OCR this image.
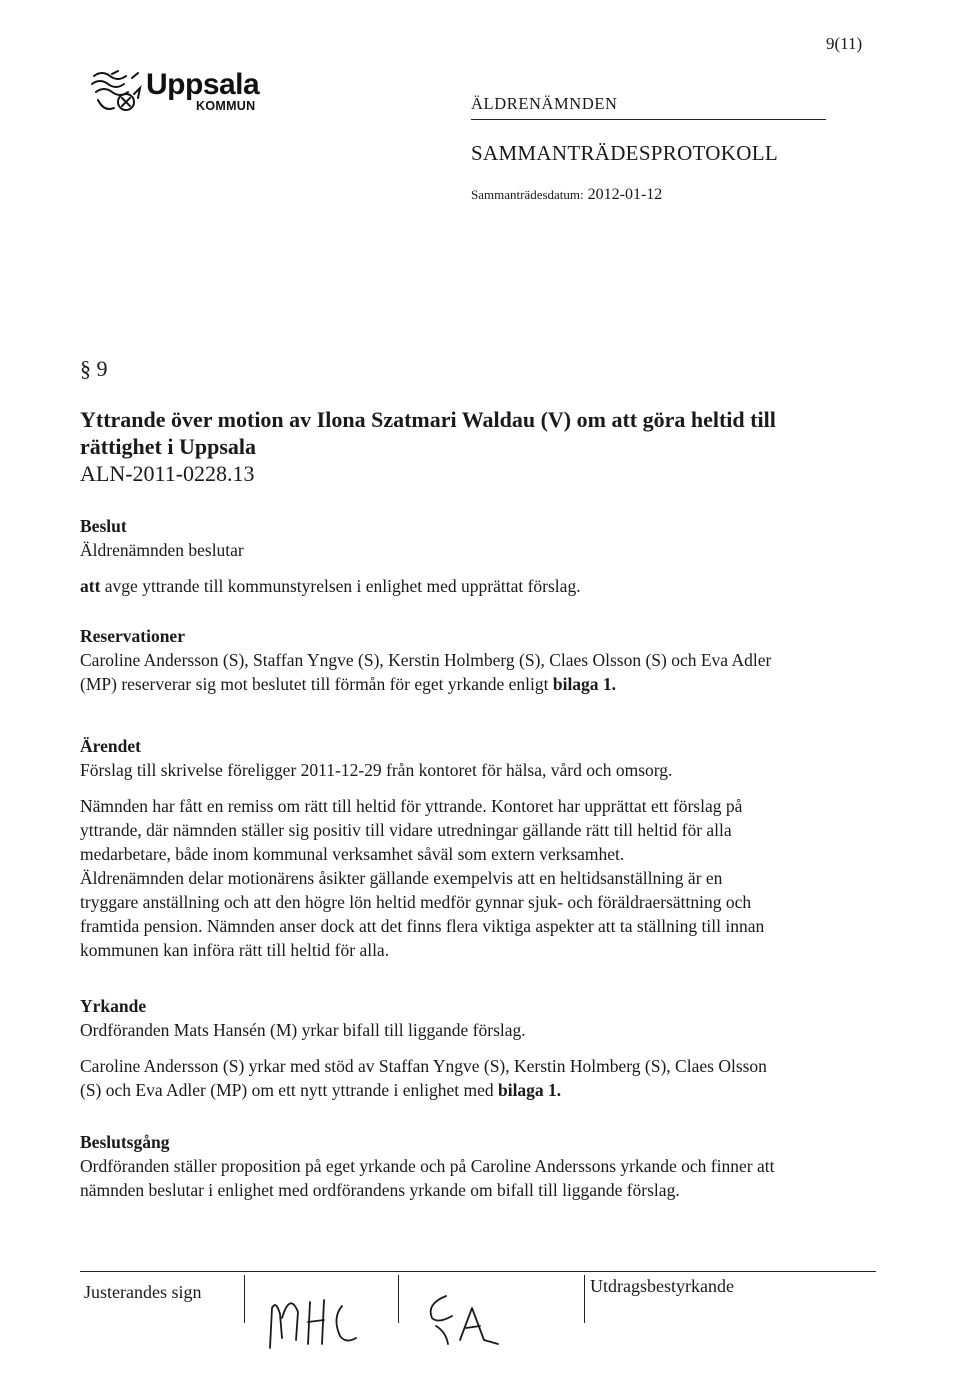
9(11)
Uppsala
KOMMUN	ÄLDRENÄMNDEN
SAMMANTRÄDESPROTOKOLL
Sammanträdesdatum: 2012-01-12
§ 9
Yttrande över motion av Ilona Szatmari Waldau (V) om att göra heltid till
rättighet i Uppsala
ALN-2011-0228.13
Beslut
Äldrenämnden beslutar
att avge yttrande till kommunstyrelsen i enlighet med upprättat förslag.
Reservationer
Caroline Andersson (S), Staffan Yngve (S), Kerstin Holmberg (S), Claes Olsson (S) och Eva Adler
(MP) reserverar sig mot beslutet till förmån för eget yrkande enligt bilaga 1.
Ärendet
Förslag till skrivelse föreligger 2011-12-29 från kontoret för hälsa, vård och omsorg.
Nämnden har fått en remiss om rätt till heltid för yttrande. Kontoret har upprättat ett förslag på
yttrande, där nämnden ställer sig positiv till vidare utredningar gällande rätt till heltid för alla
medarbetare, både inom kommunal verksamhet såväl som extern verksamhet.
Äldrenämnden delar motionärens åsikter gällande exempelvis att en heltidsanställning är en
tryggare anställning och att den högre lön heltid medför gynnar sjuk- och föräldraersättning och
framtida pension. Nämnden anser dock att det finns flera viktiga aspekter att ta ställning till innan
kommunen kan införa rätt till heltid för alla.
Yrkande
Ordföranden Mats Hansén (M) yrkar bifall till liggande förslag.
Caroline Andersson (S) yrkar med stöd av Staffan Yngve (S), Kerstin Holmberg (S), Claes Olsson
(S) och Eva Adler (MP) om ett nytt yttrande i enlighet med bilaga 1.
Beslutsgång
Ordföranden ställer proposition på eget yrkande och på Caroline Anderssons yrkande och finner att
nämnden beslutar i enlighet med ordförandens yrkande om bifall till liggande förslag.
Justerandes sign	Utdragsbestyrkande
